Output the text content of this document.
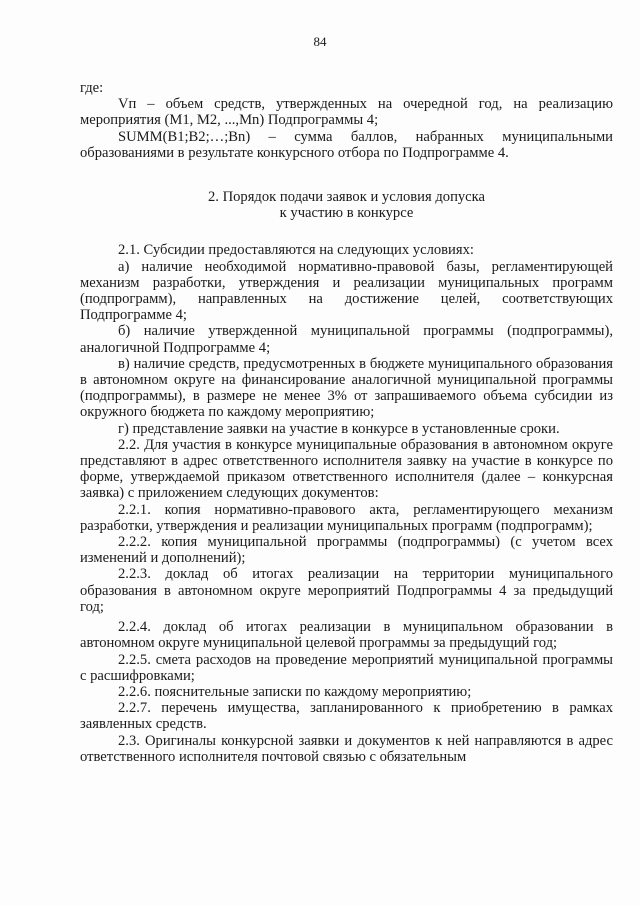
84

где:

Vп – объем средств, утвержденных на очередной год, на реализацию мероприятия (M1, M2, ...,Mn) Подпрограммы 4;

SUMM(B1;B2;…;Bn) – сумма баллов, набранных муниципальными образованиями в результате конкурсного отбора по Подпрограмме 4.

2. Порядок подачи заявок и условия допуска

к участию в конкурсе

2.1. Субсидии предоставляются на следующих условиях:

а) наличие необходимой нормативно-правовой базы, регламентирующей механизм разработки, утверждения и реализации муниципальных программ (подпрограмм), направленных на достижение целей, соответствующих Подпрограмме 4;

б) наличие утвержденной муниципальной программы (подпрограммы), аналогичной Подпрограмме 4;

в) наличие средств, предусмотренных в бюджете муниципального образования в автономном округе на финансирование аналогичной муниципальной программы (подпрограммы), в размере не менее 3% от запрашиваемого объема субсидии из окружного бюджета по каждому мероприятию;

г) представление заявки на участие в конкурсе в установленные сроки.

2.2. Для участия в конкурсе муниципальные образования в автономном округе представляют в адрес ответственного исполнителя заявку на участие в конкурсе по форме, утверждаемой приказом ответственного исполнителя (далее – конкурсная заявка) с приложением следующих документов:

2.2.1. копия нормативно-правового акта, регламентирующего механизм разработки, утверждения и реализации муниципальных программ (подпрограмм);

2.2.2. копия муниципальной программы (подпрограммы) (с учетом всех изменений и дополнений);

2.2.3. доклад об итогах реализации на территории муниципального образования в автономном округе мероприятий Подпрограммы 4 за предыдущий год;

2.2.4. доклад об итогах реализации в муниципальном образовании в автономном округе муниципальной целевой программы за предыдущий год;

2.2.5. смета расходов на проведение мероприятий муниципальной программы с расшифровками;

2.2.6. пояснительные записки по каждому мероприятию;

2.2.7. перечень имущества, запланированного к приобретению в рамках заявленных средств.

2.3. Оригиналы конкурсной заявки и документов к ней направляются в адрес ответственного исполнителя почтовой связью с обязательным
